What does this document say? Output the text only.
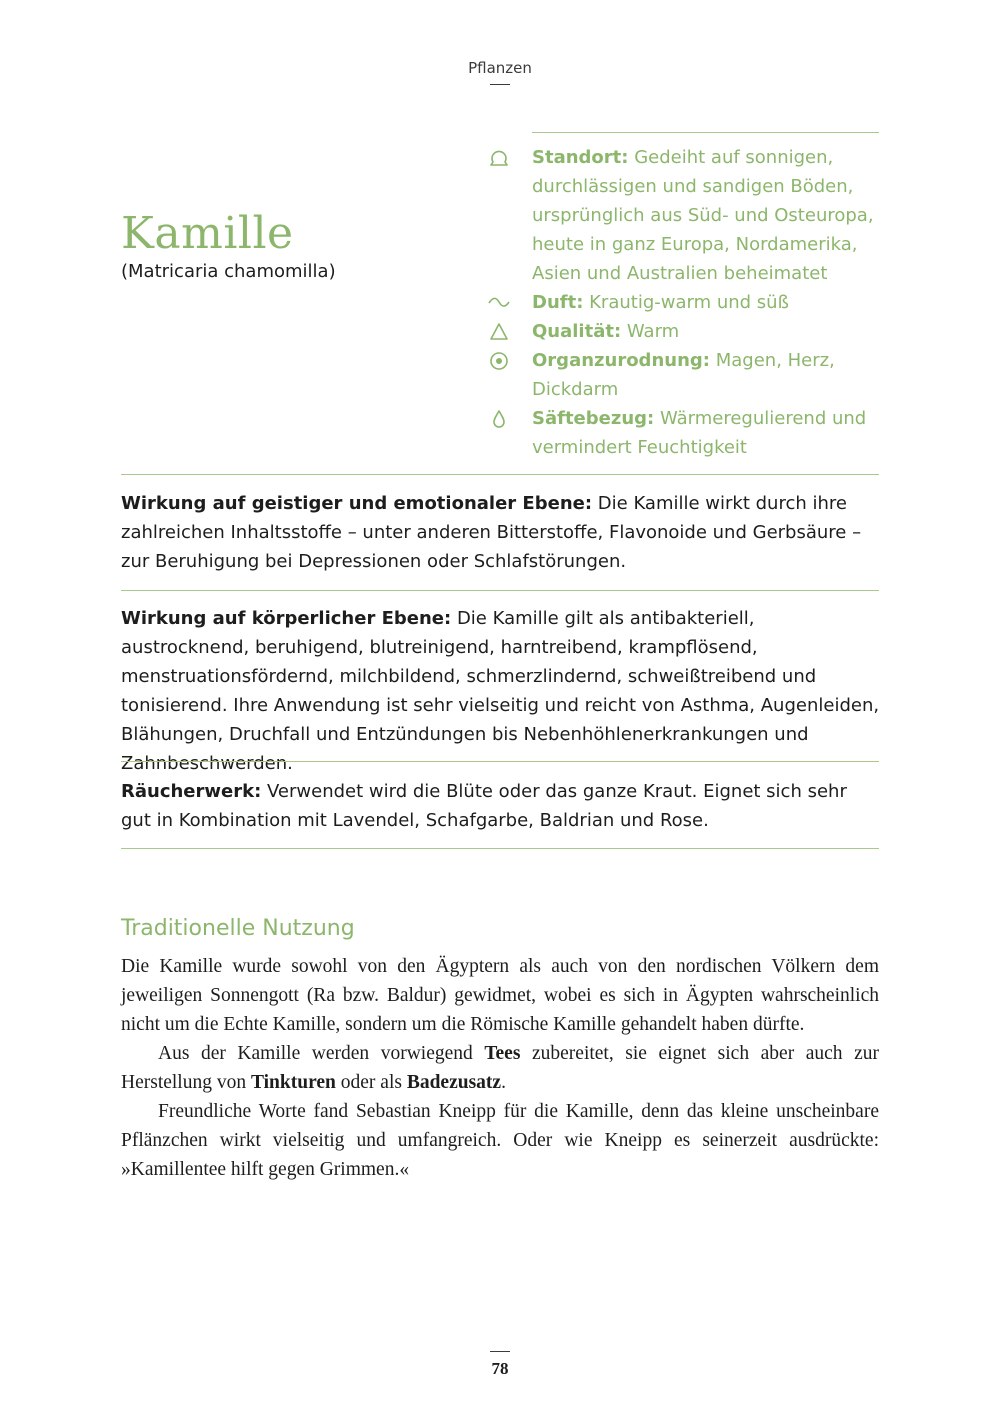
Pflanzen
Kamille
(Matricaria chamomilla)
Standort: Gedeiht auf sonnigen, durchlässigen und sandigen Böden, ursprünglich aus Süd- und Osteuropa, heute in ganz Europa, Nordamerika, Asien und Australien beheimatet
Duft: Krautig-warm und süß
Qualität: Warm
Organzurodnung: Magen, Herz, Dickdarm
Säftebezug: Wärmeregulierend und vermindert Feuchtigkeit

Wirkung auf geistiger und emotionaler Ebene: Die Kamille wirkt durch ihre zahlreichen Inhaltsstoffe – unter anderen Bitterstoffe, Flavonoide und Gerbsäure – zur Beruhigung bei Depressionen oder Schlafstörungen.

Wirkung auf körperlicher Ebene: Die Kamille gilt als antibakteriell, austrocknend, beruhigend, blutreinigend, harntreibend, krampflösend, menstruationsfördernd, milchbildend, schmerzlindernd, schweißtreibend und tonisierend. Ihre Anwendung ist sehr vielseitig und reicht von Asthma, Augenleiden, Blähungen, Druchfall und Entzündungen bis Nebenhöhlenerkrankungen und Zahnbeschwerden.

Räucherwerk: Verwendet wird die Blüte oder das ganze Kraut. Eignet sich sehr gut in Kombination mit Lavendel, Schafgarbe, Baldrian und Rose.

Traditionelle Nutzung

Die Kamille wurde sowohl von den Ägyptern als auch von den nordischen Völkern dem jeweiligen Sonnengott (Ra bzw. Baldur) gewidmet, wobei es sich in Ägypten wahrscheinlich nicht um die Echte Kamille, sondern um die Römische Kamille gehandelt haben dürfte.

Aus der Kamille werden vorwiegend Tees zubereitet, sie eignet sich aber auch zur Herstellung von Tinkturen oder als Badezusatz.

Freundliche Worte fand Sebastian Kneipp für die Kamille, denn das kleine unscheinbare Pflänzchen wirkt vielseitig und umfangreich. Oder wie Kneipp es seinerzeit ausdrückte: »Kamillentee hilft gegen Grimmen.«

78
